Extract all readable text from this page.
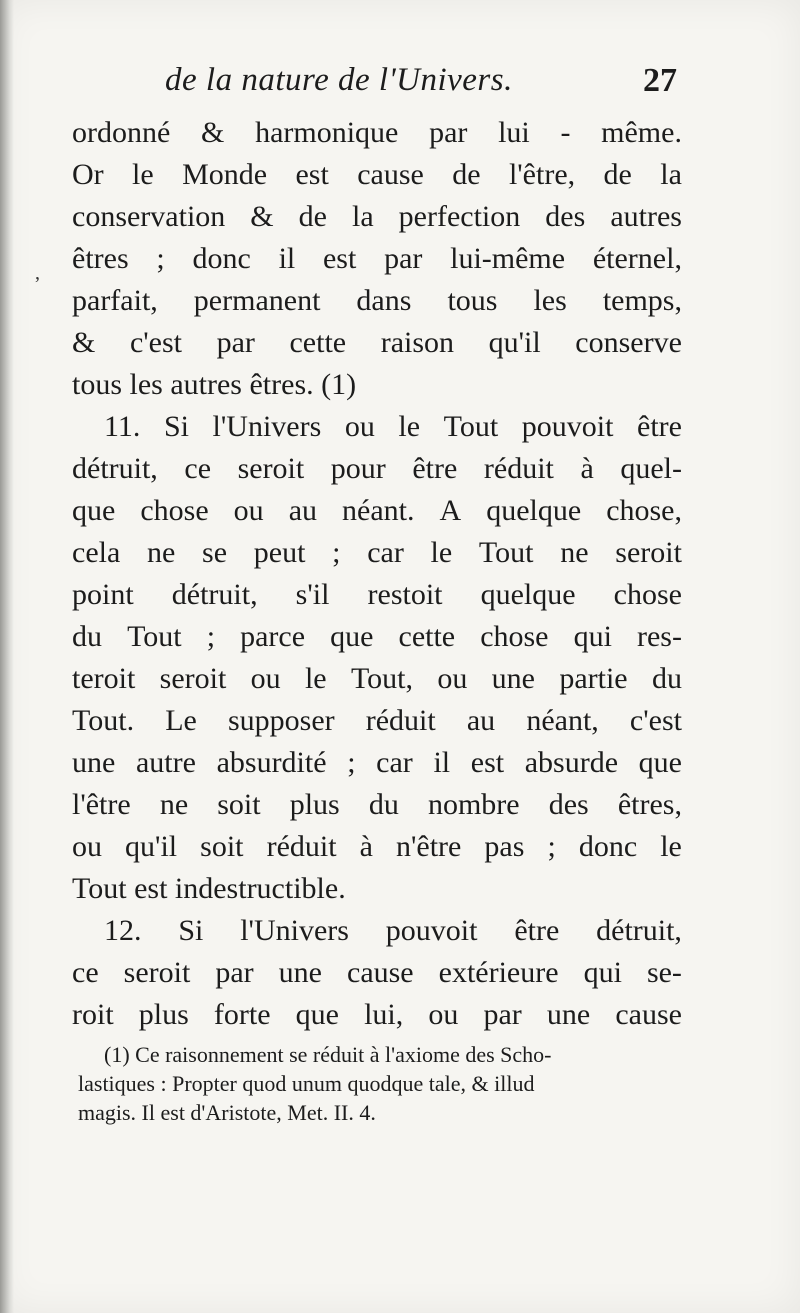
‚
de la nature de l'Univers.	27
ordonné & harmonique par lui - même.
Or le Monde est cause de l'être, de la
conservation & de la perfection des autres
êtres ; donc il est par lui-même éternel,
parfait, permanent dans tous les temps,
& c'est par cette raison qu'il conserve
tous
les
autres
êtres.
(1)

11. Si l'Univers ou le Tout pouvoit être
détruit, ce seroit pour être réduit à quel-
que chose ou au néant. A quelque chose,
cela ne se peut ; car le Tout ne seroit
point détruit, s'il restoit quelque chose
du Tout ; parce que cette chose qui res-
teroit seroit ou le Tout, ou une partie du
Tout. Le supposer réduit au néant, c'est
une autre absurdité ; car il est absurde que
l'être ne soit plus du nombre des êtres,
ou qu'il soit réduit à n'être pas ; donc le
Tout
est
indestructible.

12. Si l'Univers pouvoit être détruit,
ce seroit par une cause extérieure qui se-
roit plus forte que lui, ou par une cause
(1) Ce raisonnement se réduit à l'axiome des Scho-
lastiques : Propter quod unum quodque tale, & illud
magis. Il est d'Aristote, Met. II. 4.
